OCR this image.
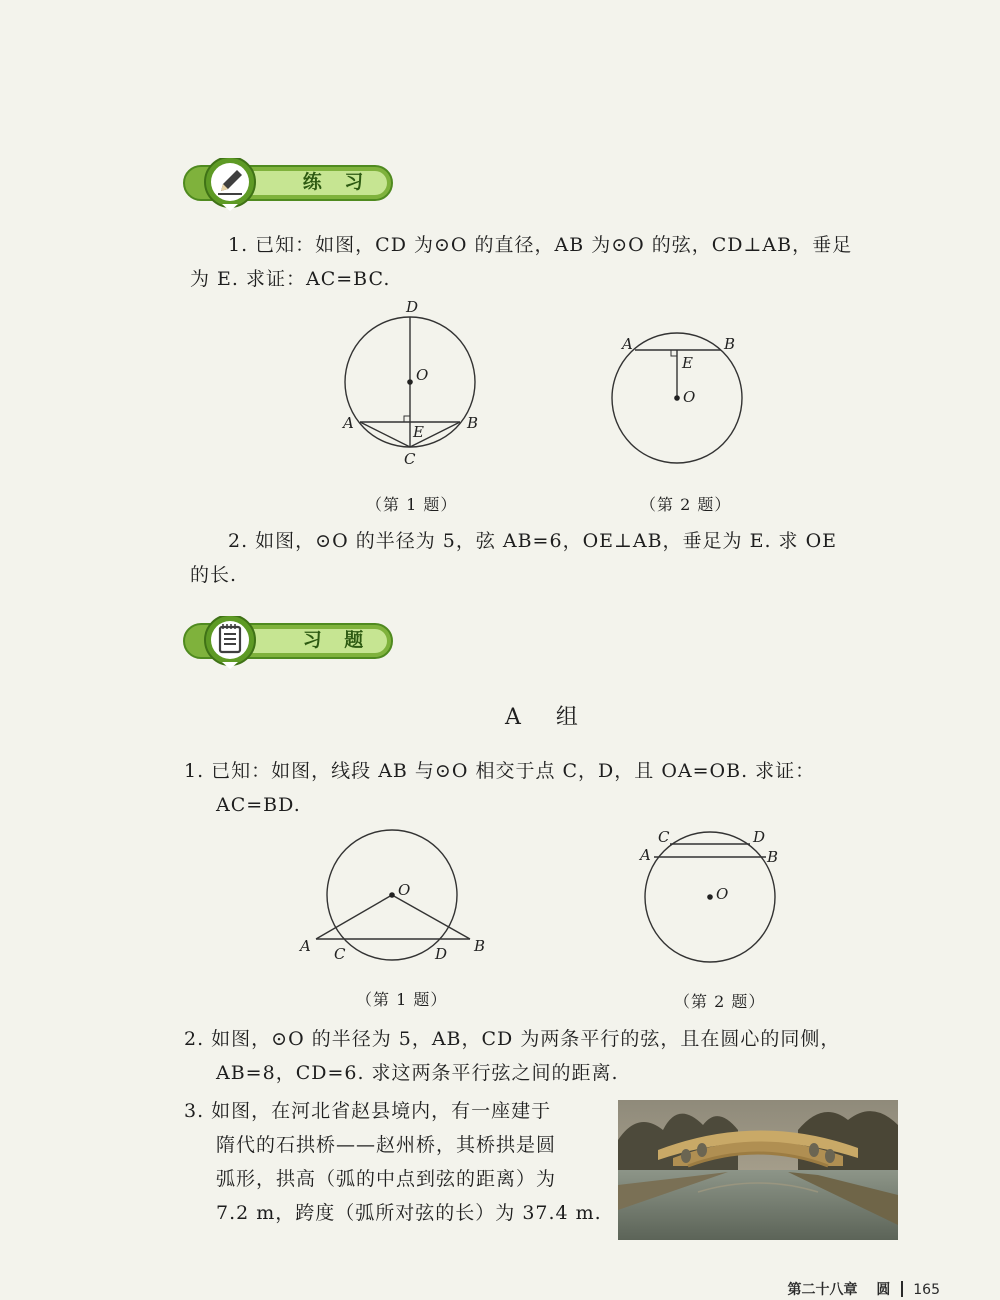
练 习
1. 已知：如图，CD 为⊙O 的直径，AB 为⊙O 的弦，CD⊥AB，垂足
为 E. 求证：AC=BC.
D
O
A	E	B
C
（第 1 题）
A	B
E
O
（第 2 题）
2. 如图，⊙O 的半径为 5，弦 AB=6，OE⊥AB，垂足为 E. 求 OE
的长.
习 题
A 组
1. 已知：如图，线段 AB 与⊙O 相交于点 C，D，且 OA=OB. 求证：
AC=BD.
O
A C	D B
（第 1 题）
C	D
A	B
O
（第 2 题）
2. 如图，⊙O 的半径为 5，AB，CD 为两条平行的弦，且在圆心的同侧，
AB=8，CD=6. 求这两条平行弦之间的距离.
3. 如图，在河北省赵县境内，有一座建于
隋代的石拱桥——赵州桥，其桥拱是圆
弧形，拱高（弧的中点到弦的距离）为
7.2 m，跨度（弧所对弦的长）为 37.4 m.
第二十八章 圆 165
